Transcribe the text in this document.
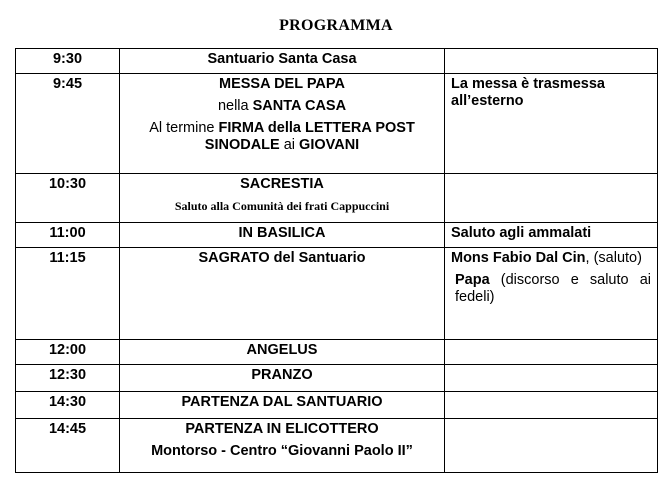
PROGRAMMA
9:30	Santuario Santa Casa	
9:45	MESSA DEL PAPA

nella SANTA CASA

Al termine FIRMA della LETTERA POST SINODALE ai GIOVANI	La messa è trasmessa all’esterno
10:30	SACRESTIA

Saluto alla Comunità dei frati Cappuccini	

11:00	IN BASILICA	Saluto agli ammalati
11:15	SAGRATO del Santuario	Mons Fabio Dal Cin, (saluto)

Papa (discorso e saluto ai fedeli)

12:00	ANGELUS	
12:30	PRANZO	
14:30	PARTENZA DAL SANTUARIO	
14:45	PARTENZA IN ELICOTTERO

Montorso - Centro “Giovanni Paolo II”	
